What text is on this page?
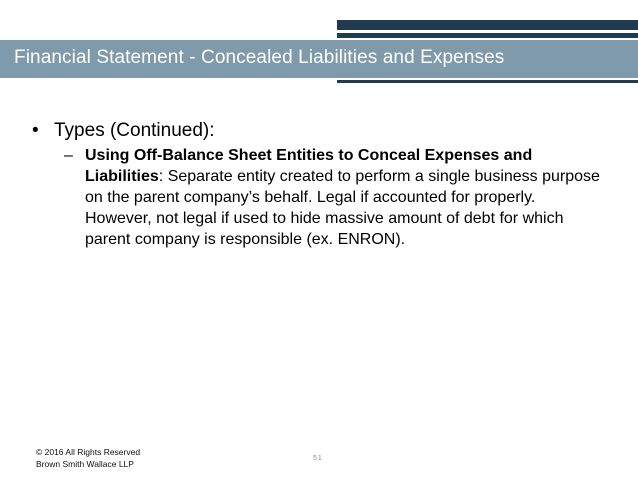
Financial Statement - Concealed Liabilities and Expenses
• Types (Continued):
– Using Off-Balance Sheet Entities to Conceal Expenses and Liabilities: Separate entity created to perform a single business purpose on the parent company’s behalf. Legal if accounted for properly. However, not legal if used to hide massive amount of debt for which parent company is responsible (ex. ENRON).
© 2016 All Rights Reserved
Brown Smith Wallace LLP
51
